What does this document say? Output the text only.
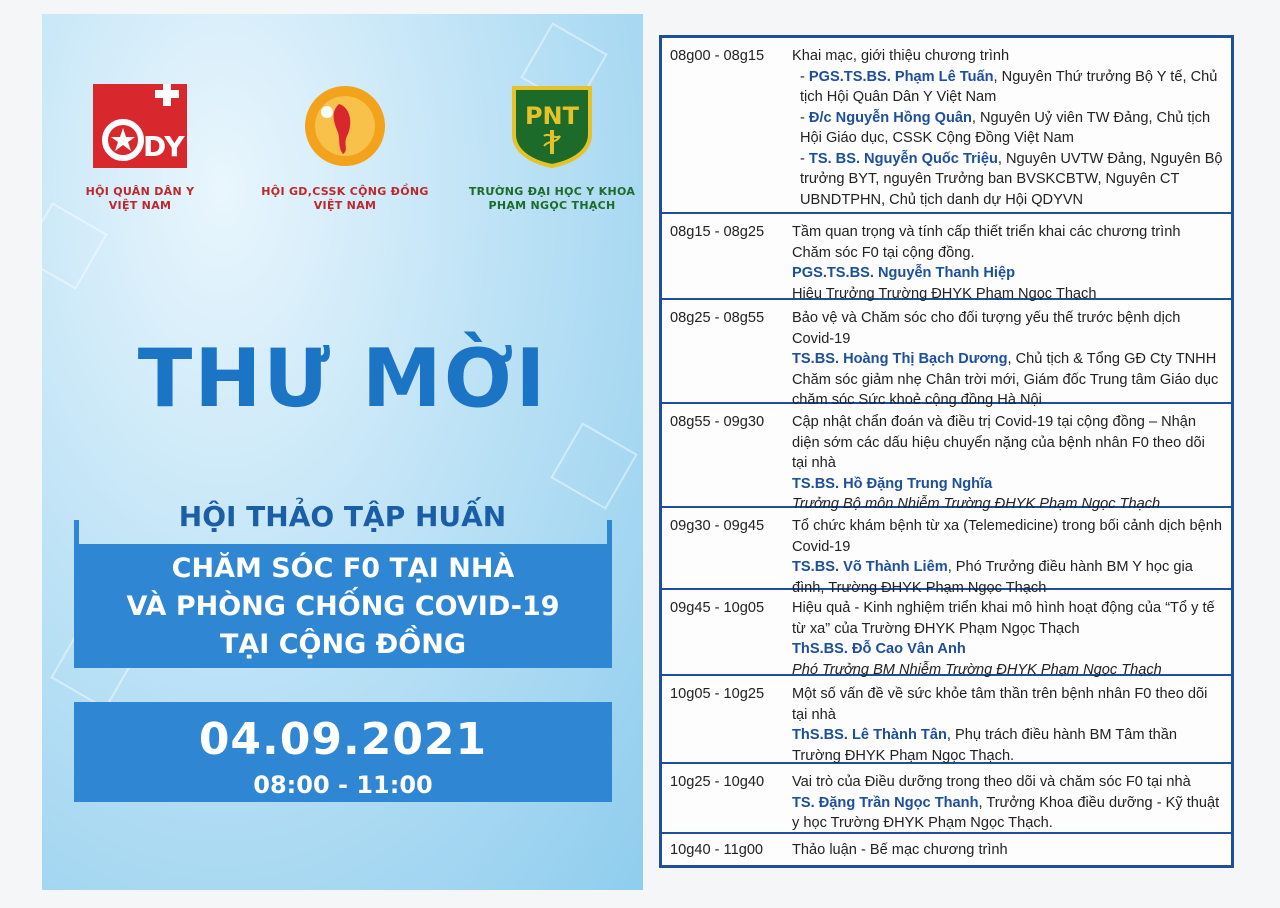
DY
HỘI QUÂN DÂN Y
VIỆT NAM
HỘI GD,CSSK CỘNG ĐỒNG
VIỆT NAM
PNT
TRƯỜNG ĐẠI HỌC Y KHOA
PHẠM NGỌC THẠCH
THƯ MỜI
HỘI THẢO TẬP HUẤN
CHĂM SÓC F0 TẠI NHÀ
VÀ PHÒNG CHỐNG COVID-19
TẠI CỘNG ĐỒNG
04.09.2021
08:00 - 11:00
08g00 - 08g15	Khai mạc, giới thiệu chương trình
- PGS.TS.BS. Phạm Lê Tuấn, Nguyên Thứ trưởng Bộ Y tế, Chủ tịch Hội Quân Dân Y Việt Nam
- Đ/c Nguyễn Hồng Quân, Nguyên Uỷ viên TW Đảng, Chủ tịch Hội Giáo dục, CSSK Cộng Đồng Việt Nam
- TS. BS. Nguyễn Quốc Triệu, Nguyên UVTW Đảng, Nguyên Bộ trưởng BYT, nguyên Trưởng ban BVSKCBTW, Nguyên CT UBNDTPHN, Chủ tịch danh dự Hội QDYVN
08g15 - 08g25	Tầm quan trọng và tính cấp thiết triển khai các chương trình Chăm sóc F0 tại cộng đồng.
PGS.TS.BS. Nguyễn Thanh Hiệp
Hiệu Trưởng Trường ĐHYK Phạm Ngọc Thạch
08g25 - 08g55	Bảo vệ và Chăm sóc cho đối tượng yếu thế trước bệnh dịch Covid-19
TS.BS. Hoàng Thị Bạch Dương, Chủ tịch & Tổng GĐ Cty TNHH Chăm sóc giảm nhẹ Chân trời mới, Giám đốc Trung tâm Giáo dục chăm sóc Sức khoẻ cộng đồng Hà Nội
08g55 - 09g30	Cập nhật chẩn đoán và điều trị Covid-19 tại cộng đồng – Nhận diện sớm các dấu hiệu chuyển nặng của bệnh nhân F0 theo dõi tại nhà
TS.BS. Hồ Đặng Trung Nghĩa
Trưởng Bộ môn Nhiễm Trường ĐHYK Phạm Ngọc Thạch
09g30 - 09g45	Tổ chức khám bệnh từ xa (Telemedicine) trong bối cảnh dịch bệnh Covid-19
TS.BS. Võ Thành Liêm, Phó Trưởng điều hành BM Y học gia đình, Trường ĐHYK Phạm Ngọc Thạch
09g45 - 10g05	Hiệu quả - Kinh nghiệm triển khai mô hình hoạt động của “Tổ y tế từ xa” của Trường ĐHYK Phạm Ngọc Thạch
ThS.BS. Đỗ Cao Vân Anh
Phó Trưởng BM Nhiễm Trường ĐHYK Phạm Ngọc Thạch
10g05 - 10g25	Một số vấn đề về sức khỏe tâm thần trên bệnh nhân F0 theo dõi tại nhà
ThS.BS. Lê Thành Tân, Phụ trách điều hành BM Tâm thần Trường ĐHYK Phạm Ngọc Thạch.
10g25 - 10g40	Vai trò của Điều dưỡng trong theo dõi và chăm sóc F0 tại nhà
TS. Đặng Trần Ngọc Thanh, Trưởng Khoa điều dưỡng - Kỹ thuật y học Trường ĐHYK Phạm Ngọc Thạch.
10g40 - 11g00	Thảo luận - Bế mạc chương trình
